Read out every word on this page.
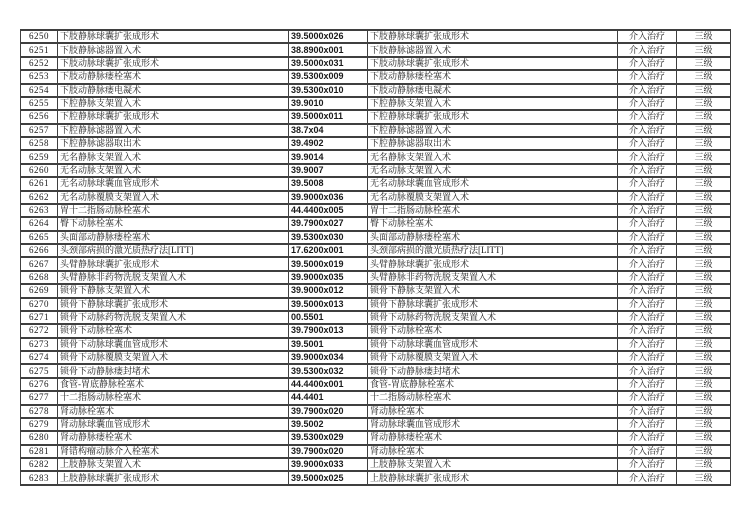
6250	下肢静脉球囊扩张成形术	39.5000x026	下肢静脉球囊扩张成形术	介入治疗	三级
6251	下肢静脉滤器置入术	38.8900x001	下肢静脉滤器置入术	介入治疗	三级
6252	下肢动脉球囊扩张成形术	39.5000x031	下肢动脉球囊扩张成形术	介入治疗	三级
6253	下肢动静脉瘘栓塞术	39.5300x009	下肢动静脉瘘栓塞术	介入治疗	三级
6254	下肢动静脉瘘电凝术	39.5300x010	下肢动静脉瘘电凝术	介入治疗	三级
6255	下腔静脉支架置入术	39.9010	下腔静脉支架置入术	介入治疗	三级
6256	下腔静脉球囊扩张成形术	39.5000x011	下腔静脉球囊扩张成形术	介入治疗	三级
6257	下腔静脉滤器置入术	38.7x04	下腔静脉滤器置入术	介入治疗	三级
6258	下腔静脉滤器取出术	39.4902	下腔静脉滤器取出术	介入治疗	三级
6259	无名静脉支架置入术	39.9014	无名静脉支架置入术	介入治疗	三级
6260	无名动脉支架置入术	39.9007	无名动脉支架置入术	介入治疗	三级
6261	无名动脉球囊血管成形术	39.5008	无名动脉球囊血管成形术	介入治疗	三级
6262	无名动脉覆膜支架置入术	39.9000x036	无名动脉覆膜支架置入术	介入治疗	三级
6263	胃十二指肠动脉栓塞术	44.4400x005	胃十二指肠动脉栓塞术	介入治疗	三级
6264	臀下动脉栓塞术	39.7900x027	臀下动脉栓塞术	介入治疗	三级
6265	头面部动静脉瘘栓塞术	39.5300x030	头面部动静脉瘘栓塞术	介入治疗	三级
6266	头颈部病损的激光质热疗法[LITT]	17.6200x001	头颈部病损的激光质热疗法[LITT]	介入治疗	三级
6267	头臂静脉球囊扩张成形术	39.5000x019	头臂静脉球囊扩张成形术	介入治疗	三级
6268	头臂静脉非药物洗脱支架置入术	39.9000x035	头臂静脉非药物洗脱支架置入术	介入治疗	三级
6269	锁骨下静脉支架置入术	39.9000x012	锁骨下静脉支架置入术	介入治疗	三级
6270	锁骨下静脉球囊扩张成形术	39.5000x013	锁骨下静脉球囊扩张成形术	介入治疗	三级
6271	锁骨下动脉药物洗脱支架置入术	00.5501	锁骨下动脉药物洗脱支架置入术	介入治疗	三级
6272	锁骨下动脉栓塞术	39.7900x013	锁骨下动脉栓塞术	介入治疗	三级
6273	锁骨下动脉球囊血管成形术	39.5001	锁骨下动脉球囊血管成形术	介入治疗	三级
6274	锁骨下动脉覆膜支架置入术	39.9000x034	锁骨下动脉覆膜支架置入术	介入治疗	三级
6275	锁骨下动静脉瘘封堵术	39.5300x032	锁骨下动静脉瘘封堵术	介入治疗	三级
6276	食管-胃底静脉栓塞术	44.4400x001	食管-胃底静脉栓塞术	介入治疗	三级
6277	十二指肠动脉栓塞术	44.4401	十二指肠动脉栓塞术	介入治疗	三级
6278	肾动脉栓塞术	39.7900x020	肾动脉栓塞术	介入治疗	三级
6279	肾动脉球囊血管成形术	39.5002	肾动脉球囊血管成形术	介入治疗	三级
6280	肾动静脉瘘栓塞术	39.5300x029	肾动静脉瘘栓塞术	介入治疗	三级
6281	肾错构瘤动脉介入栓塞术	39.7900x020	肾动脉栓塞术	介入治疗	三级
6282	上肢静脉支架置入术	39.9000x033	上肢静脉支架置入术	介入治疗	三级
6283	上肢静脉球囊扩张成形术	39.5000x025	上肢静脉球囊扩张成形术	介入治疗	三级
